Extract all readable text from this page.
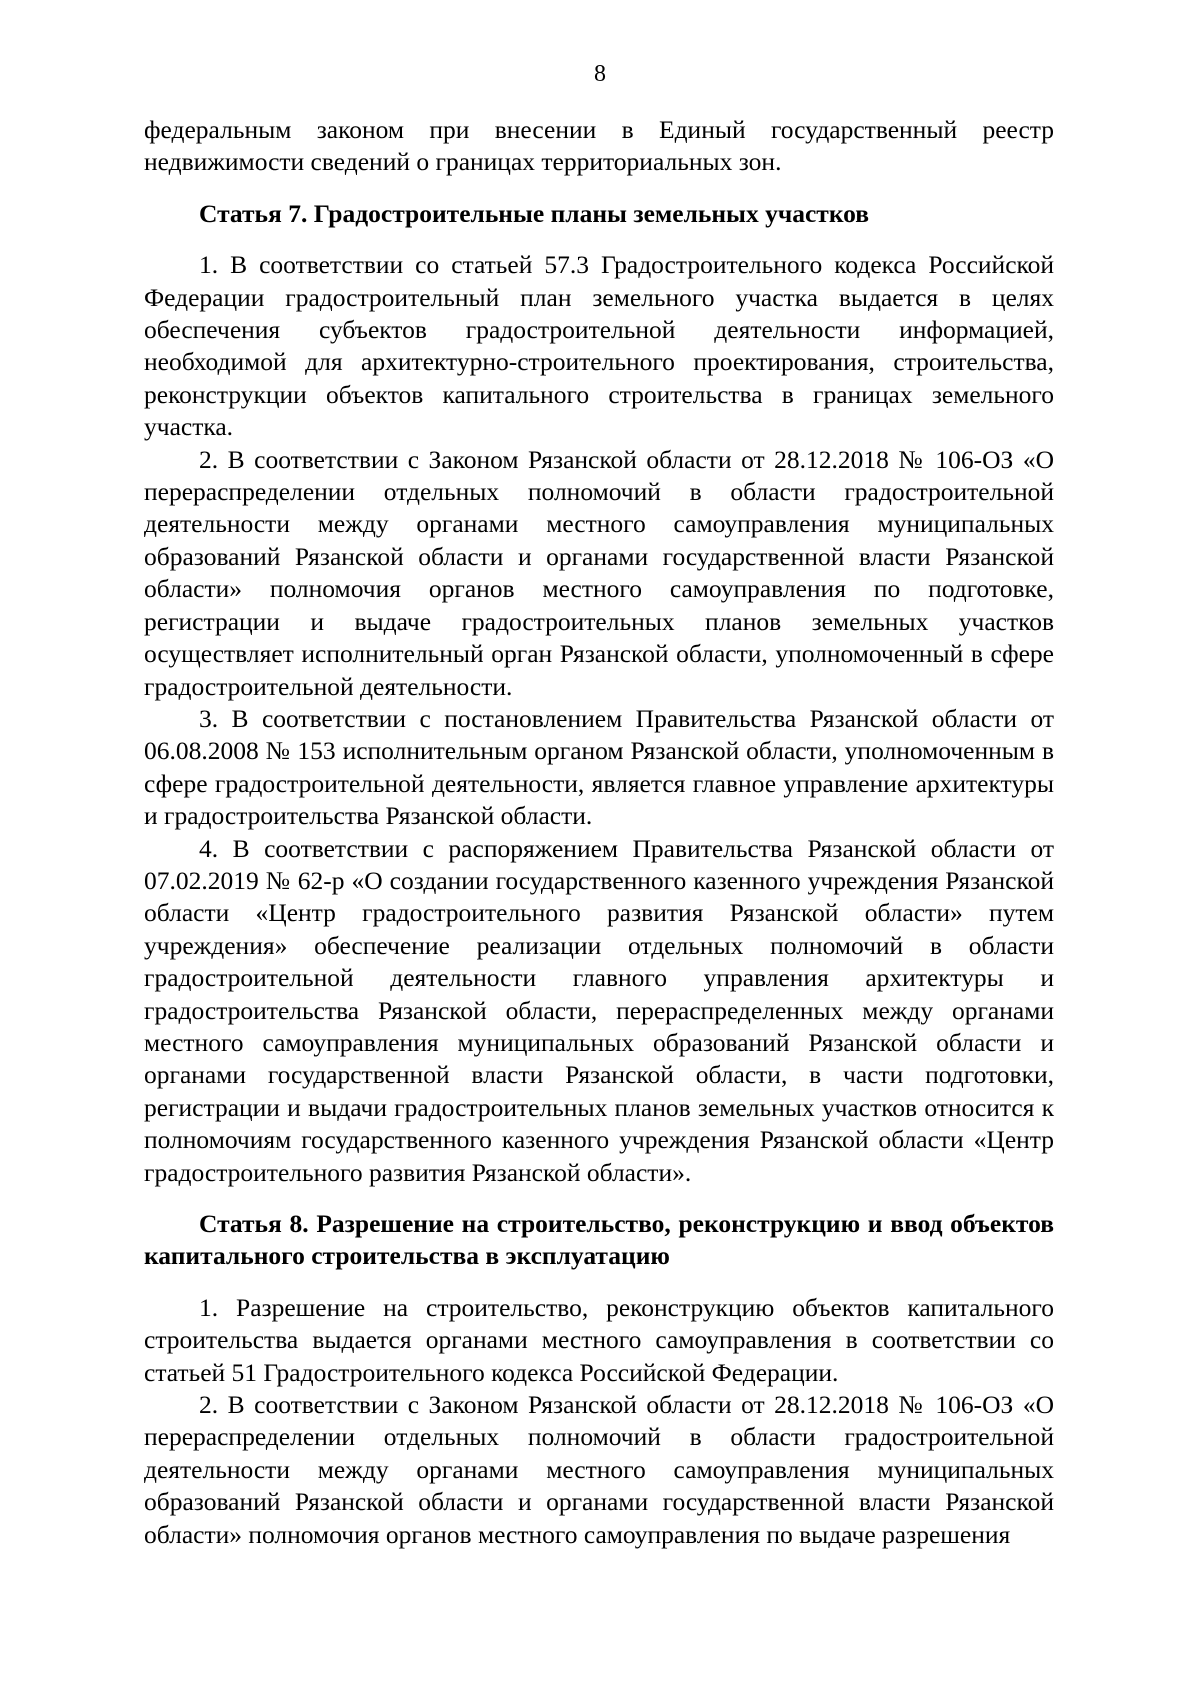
8

федеральным законом при внесении в Единый государственный реестр недвижимости сведений о границах территориальных зон.

Статья 7. Градостроительные планы земельных участков

1. В соответствии со статьей 57.3 Градостроительного кодекса Российской Федерации градостроительный план земельного участка выдается в целях обеспечения субъектов градостроительной деятельности информацией, необходимой для архитектурно-строительного проектирования, строительства, реконструкции объектов капитального строительства в границах земельного участка.

2. В соответствии с Законом Рязанской области от 28.12.2018 № 106-ОЗ «О перераспределении отдельных полномочий в области градостроительной деятельности между органами местного самоуправления муниципальных образований Рязанской области и органами государственной власти Рязанской области» полномочия органов местного самоуправления по подготовке, регистрации и выдаче градостроительных планов земельных участков осуществляет исполнительный орган Рязанской области, уполномоченный в сфере градостроительной деятельности.

3. В соответствии с постановлением Правительства Рязанской области от 06.08.2008 № 153 исполнительным органом Рязанской области, уполномоченным в сфере градостроительной деятельности, является главное управление архитектуры и градостроительства Рязанской области.

4. В соответствии с распоряжением Правительства Рязанской области от 07.02.2019 № 62-р «О создании государственного казенного учреждения Рязанской области «Центр градостроительного развития Рязанской области» путем учреждения» обеспечение реализации отдельных полномочий в области градостроительной деятельности главного управления архитектуры и градостроительства Рязанской области, перераспределенных между органами местного самоуправления муниципальных образований Рязанской области и органами государственной власти Рязанской области, в части подготовки, регистрации и выдачи градостроительных планов земельных участков относится к полномочиям государственного казенного учреждения Рязанской области «Центр градостроительного развития Рязанской области».

Статья 8. Разрешение на строительство, реконструкцию и ввод объектов капитального строительства в эксплуатацию

1. Разрешение на строительство, реконструкцию объектов капитального строительства выдается органами местного самоуправления в соответствии со статьей 51 Градостроительного кодекса Российской Федерации.

2. В соответствии с Законом Рязанской области от 28.12.2018 № 106-ОЗ «О перераспределении отдельных полномочий в области градостроительной деятельности между органами местного самоуправления муниципальных образований Рязанской области и органами государственной власти Рязанской области» полномочия органов местного самоуправления по выдаче разрешения
